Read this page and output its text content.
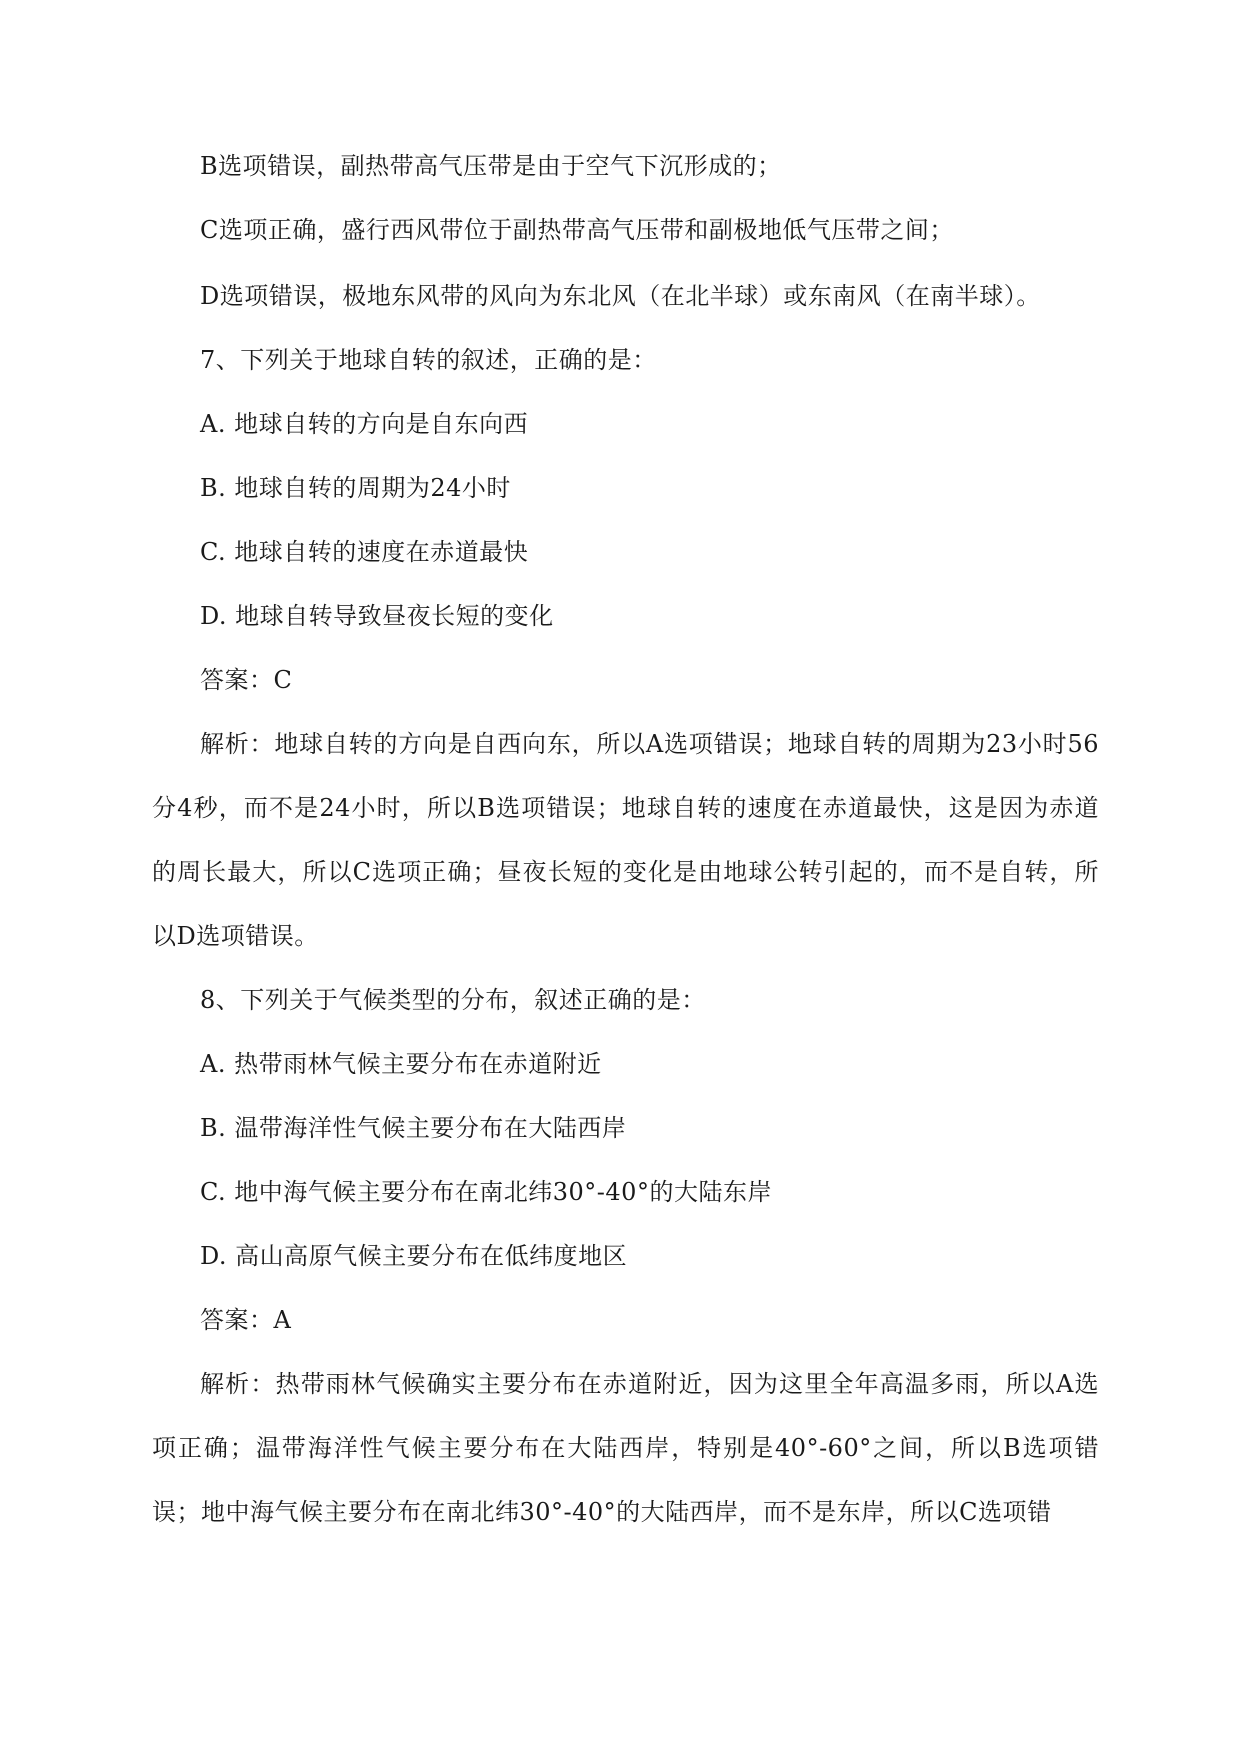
B选项错误，副热带高气压带是由于空气下沉形成的；
C选项正确，盛行西风带位于副热带高气压带和副极地低气压带之间；
D选项错误，极地东风带的风向为东北风（在北半球）或东南风（在南半球）。
7、下列关于地球自转的叙述，正确的是：
A. 地球自转的方向是自东向西
B. 地球自转的周期为24小时
C. 地球自转的速度在赤道最快
D. 地球自转导致昼夜长短的变化
答案：C
解析：地球自转的方向是自西向东，所以A选项错误；地球自转的周期为23小时56分4秒，而不是24小时，所以B选项错误；地球自转的速度在赤道最快，这是因为赤道的周长最大，所以C选项正确；昼夜长短的变化是由地球公转引起的，而不是自转，所以D选项错误。
8、下列关于气候类型的分布，叙述正确的是：
A. 热带雨林气候主要分布在赤道附近
B. 温带海洋性气候主要分布在大陆西岸
C. 地中海气候主要分布在南北纬30°-40°的大陆东岸
D. 高山高原气候主要分布在低纬度地区
答案：A
解析：热带雨林气候确实主要分布在赤道附近，因为这里全年高温多雨，所以A选项正确；温带海洋性气候主要分布在大陆西岸，特别是40°-60°之间，所以B选项错误；地中海气候主要分布在南北纬30°-40°的大陆西岸，而不是东岸，所以C选项错
